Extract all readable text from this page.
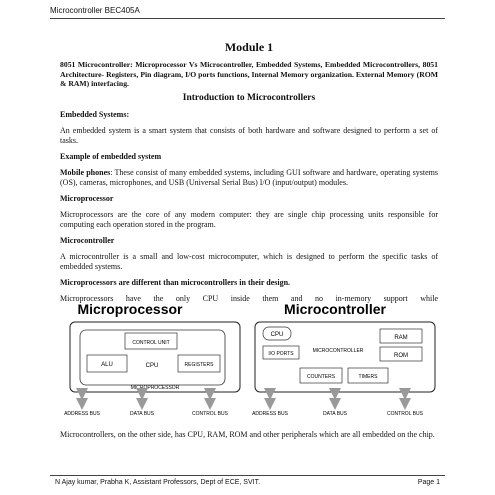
Microcontroller BEC405A
Module 1

8051 Microcontroller: Microprocessor Vs Microcontroller, Embedded Systems, Embedded Microcontrollers, 8051 Architecture- Registers, Pin diagram, I/O ports functions, Internal Memory organization. External Memory (ROM & RAM) interfacing.

Introduction to Microcontrollers
Embedded Systems:

An embedded system is a smart system that consists of both hardware and software designed to perform a set of tasks.

Example of embedded system

Mobile phones: These consist of many embedded systems, including GUI software and hardware, operating systems (OS), cameras, microphones, and USB (Universal Serial Bus) I/O (input/output) modules.

Microprocessor

Microprocessors are the core of any modern computer: they are single chip processing units responsible for computing each operation stored in the program.

Microcontroller

A microcontroller is a small and low-cost microcomputer, which is designed to perform the specific tasks of embedded systems.

Microprocessors are different than microcontrollers in their design.

Microprocessors have the only CPU inside them and no in-memory support while

Microprocessor
CONTROL UNIT
ALU	CPU	REGISTERS
MICROPROCESSOR
ADDRESS BUS	DATA BUS	CONTROL BUS
Microcontroller
CPU	RAM
I/O PORTS	MICROCONTROLLER
ROM
COUNTERS	TIMERS
ADDRESS BUS	DATA BUS	CONTROL BUS

Microcontrollers, on the other side, has CPU, RAM, ROM and other peripherals which are all embedded on the chip.

N Ajay kumar, Prabha K, Assistant Professors, Dept of ECE, SVIT.	Page 1
